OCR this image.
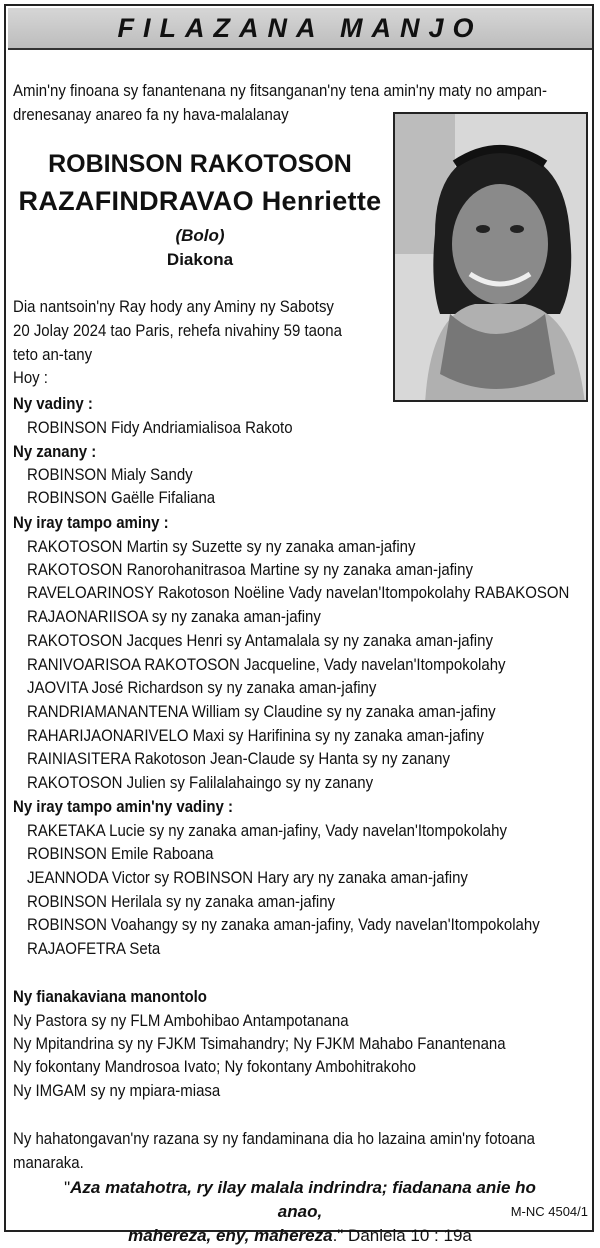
FILAZANA MANJO
Amin'ny finoana sy fanantenana ny fitsanganan'ny tena amin'ny maty no ampan-
drenesanay anareo fa ny hava-malalanay
ROBINSON RAKOTOSON
RAZAFINDRAVAO Henriette
(Bolo)
Diakona
Dia nantsoin'ny Ray hody any Aminy ny Sabotsy
20 Jolay 2024 tao Paris, rehefa nivahiny 59 taona
teto an-tany
Hoy :
Ny vadiny :
ROBINSON Fidy Andriamialisoa Rakoto
Ny zanany :
ROBINSON Mialy Sandy
ROBINSON Gaëlle Fifaliana
Ny iray tampo aminy :
RAKOTOSON Martin sy Suzette sy ny zanaka aman-jafiny
RAKOTOSON Ranorohanitrasoa Martine sy ny zanaka aman-jafiny
RAVELOARINOSY Rakotoson Noëline Vady navelan'Itompokolahy RABAKOSON
RAJAONARIISOA sy ny zanaka aman-jafiny
RAKOTOSON Jacques Henri sy Antamalala sy ny zanaka aman-jafiny
RANIVOARISOA RAKOTOSON Jacqueline, Vady navelan'Itompokolahy
JAOVITA José Richardson sy ny zanaka aman-jafiny
RANDRIAMANANTENA William sy Claudine sy ny zanaka aman-jafiny
RAHARIJAONARIVELO Maxi sy Harifinina sy ny zanaka aman-jafiny
RAINIASITERA Rakotoson Jean-Claude sy Hanta sy ny zanany
RAKOTOSON Julien sy Falilalahaingo sy ny zanany
Ny iray tampo amin'ny vadiny :
RAKETAKA Lucie sy ny zanaka aman-jafiny, Vady navelan'Itompokolahy
ROBINSON Emile Raboana
JEANNODA Victor sy ROBINSON Hary ary ny zanaka aman-jafiny
ROBINSON Herilala sy ny zanaka aman-jafiny
ROBINSON Voahangy sy ny zanaka aman-jafiny, Vady navelan'Itompokolahy
RAJAOFETRA Seta
Ny fianakaviana manontolo
Ny Pastora sy ny FLM Ambohibao Antampotanana
Ny Mpitandrina sy ny FJKM Tsimahandry; Ny FJKM Mahabo Fanantenana
Ny fokontany Mandrosoa Ivato; Ny fokontany Ambohitrakoho
Ny IMGAM sy ny mpiara-miasa
Ny hahatongavan'ny razana sy ny fandaminana dia ho lazaina amin'ny fotoana
manaraka.
"Aza matahotra, ry ilay malala indrindra; fiadanana anie ho anao,
mahereza, eny, mahereza." Daniela 10 : 19a
M-NC 4504/1
